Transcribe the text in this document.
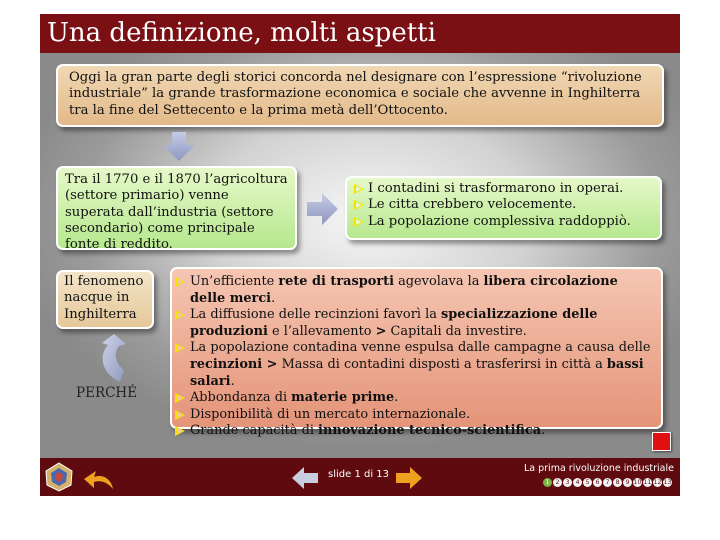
Una definizione, molti aspetti
Oggi la gran parte degli storici concorda nel designare con l’espressione “rivoluzione industriale” la grande trasformazione economica e sociale che avvenne in Inghilterra tra la fine del Settecento e la prima metà dell’Ottocento.
Tra il 1770 e il 1870 l’agricoltura (settore primario) venne superata dall’industria (settore secondario) come principale fonte di reddito.
I contadini si trasformarono in operai.
Le citta crebbero velocemente.
La popolazione complessiva raddoppiò.
Il fenomeno nacque in Inghilterra
PERCHÉ
Un’efficiente rete di trasporti agevolava la libera circolazione delle merci.
La diffusione delle recinzioni favorì la specializzazione delle produzioni e l’allevamento > Capitali da investire.
La popolazione contadina venne espulsa dalle campagne a causa delle recinzioni > Massa di contadini disposti a trasferirsi in città a bassi salari.
Abbondanza di materie prime.
Disponibilità di un mercato internazionale.
Grande capacità di innovazione tecnico-scientifica.
slide 1 di 13
La prima rivoluzione industriale
1	2	3	4	5	6	7	8	9 10 11 12 13
